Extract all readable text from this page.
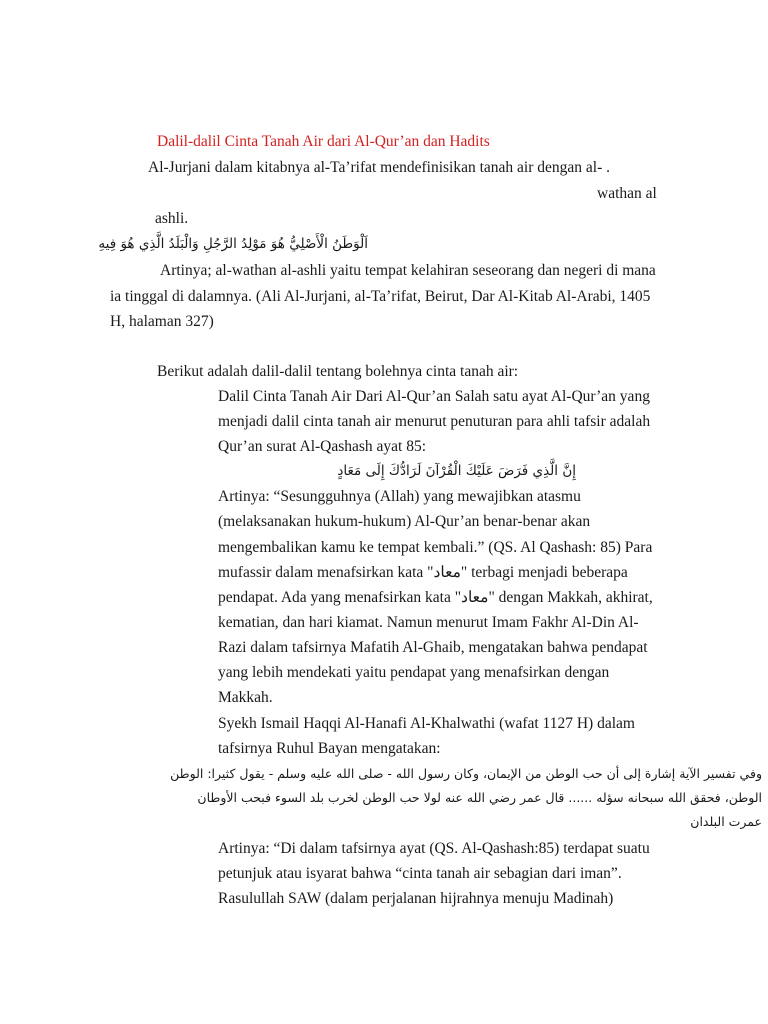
Dalil-dalil Cinta Tanah Air dari Al-Qur’an dan Hadits
Al-Jurjani dalam kitabnya al-Ta’rifat mendefinisikan tanah air dengan al- .
wathan al
ashli.
اَلْوَطَنُ الْأَصْلِيُّ هُوَ مَوْلِدُ الرَّجُلِ وَالْبَلَدُ الَّذِي هُوَ فِيهِ
Artinya; al-wathan al-ashli yaitu tempat kelahiran seseorang dan negeri di mana
ia tinggal di dalamnya. (Ali Al-Jurjani, al-Ta’rifat, Beirut, Dar Al-Kitab Al-Arabi, 1405
H, halaman 327)
Berikut adalah dalil-dalil tentang bolehnya cinta tanah air:
Dalil Cinta Tanah Air Dari Al-Qur’an Salah satu ayat Al-Qur’an yang
menjadi dalil cinta tanah air menurut penuturan para ahli tafsir adalah
Qur’an surat Al-Qashash ayat 85:
إِنَّ الَّذِي فَرَضَ عَلَيْكَ الْقُرْآنَ لَرَادُّكَ إِلَى مَعَادٍ
Artinya: “Sesungguhnya (Allah) yang mewajibkan atasmu
(melaksanakan hukum-hukum) Al-Qur’an benar-benar akan
mengembalikan kamu ke tempat kembali.” (QS. Al Qashash: 85) Para
mufassir dalam menafsirkan kata "معاد" terbagi menjadi beberapa
pendapat. Ada yang menafsirkan kata "معاد" dengan Makkah, akhirat,
kematian, dan hari kiamat. Namun menurut Imam Fakhr Al-Din Al-
Razi dalam tafsirnya Mafatih Al-Ghaib, mengatakan bahwa pendapat
yang lebih mendekati yaitu pendapat yang menafsirkan dengan
Makkah.
Syekh Ismail Haqqi Al-Hanafi Al-Khalwathi (wafat 1127 H) dalam
tafsirnya Ruhul Bayan mengatakan:
وفي تفسير الآية إشارة إلى أن حب الوطن من الإيمان، وكان رسول الله - صلى الله عليه وسلم - يقول كثيرا: الوطن
الوطن، فحقق الله سبحانه سؤله ...... قال عمر رضي الله عنه لولا حب الوطن لخرب بلد السوء فبحب الأوطان
عمرت البلدان
Artinya: “Di dalam tafsirnya ayat (QS. Al-Qashash:85) terdapat suatu
petunjuk atau isyarat bahwa “cinta tanah air sebagian dari iman”.
Rasulullah SAW (dalam perjalanan hijrahnya menuju Madinah)
